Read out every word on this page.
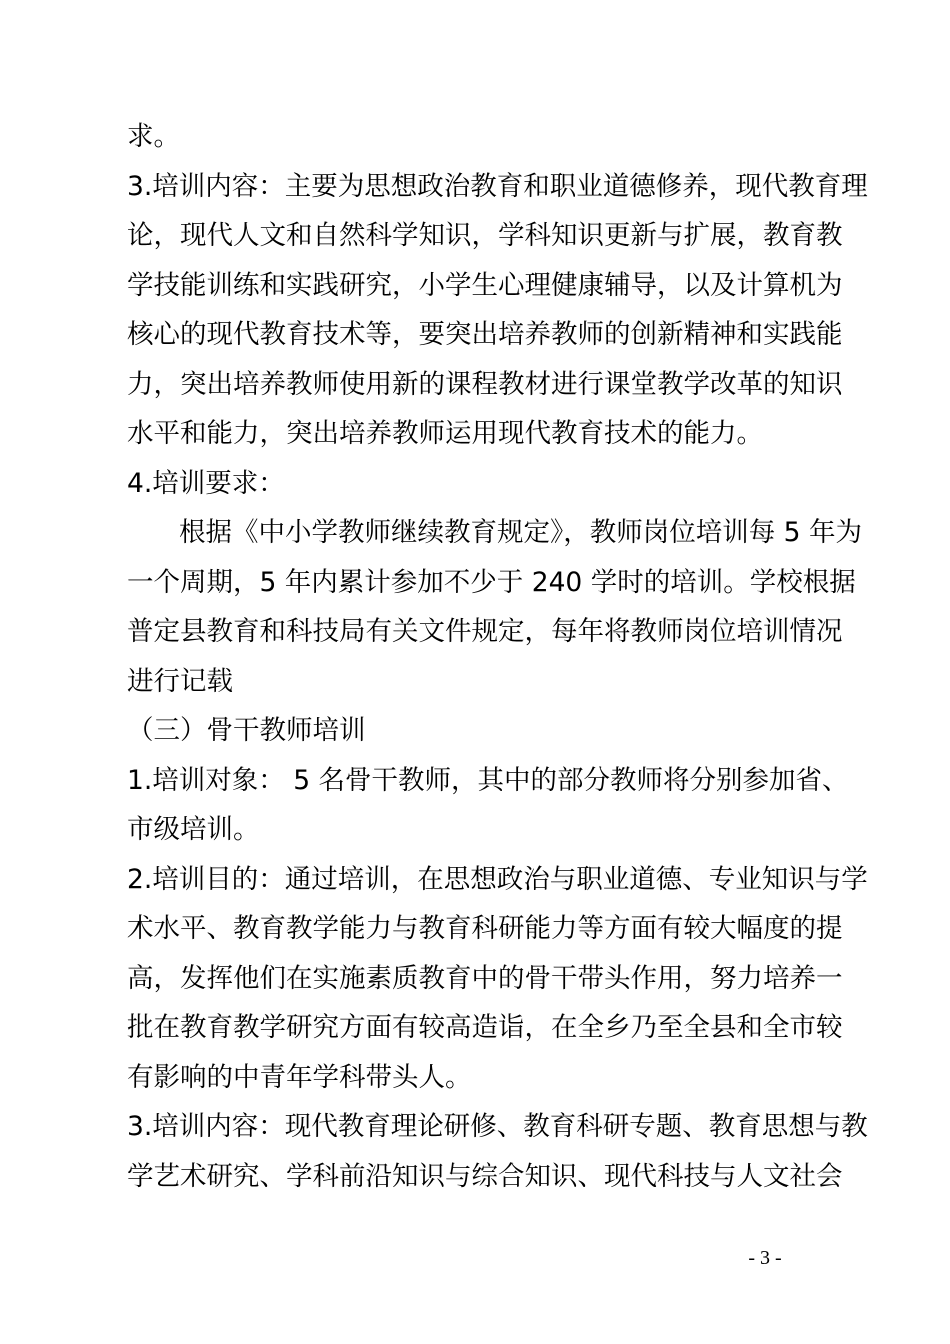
求。
3.培训内容：主要为思想政治教育和职业道德修养，现代教育理
论，现代人文和自然科学知识，学科知识更新与扩展，教育教
学技能训练和实践研究，小学生心理健康辅导，以及计算机为
核心的现代教育技术等，要突出培养教师的创新精神和实践能
力，突出培养教师使用新的课程教材进行课堂教学改革的知识
水平和能力，突出培养教师运用现代教育技术的能力。
4.培训要求：
根据《中小学教师继续教育规定》，教师岗位培训每 5 年为
一个周期，5 年内累计参加不少于 240 学时的培训。学校根据
普定县教育和科技局有关文件规定，每年将教师岗位培训情况
进行记载
（三）骨干教师培训
1.培训对象： 5 名骨干教师，其中的部分教师将分别参加省、
市级培训。
2.培训目的：通过培训，在思想政治与职业道德、专业知识与学
术水平、教育教学能力与教育科研能力等方面有较大幅度的提
高，发挥他们在实施素质教育中的骨干带头作用，努力培养一
批在教育教学研究方面有较高造诣，在全乡乃至全县和全市较
有影响的中青年学科带头人。
3.培训内容：现代教育理论研修、教育科研专题、教育思想与教
学艺术研究、学科前沿知识与综合知识、现代科技与人文社会
- 3 -
